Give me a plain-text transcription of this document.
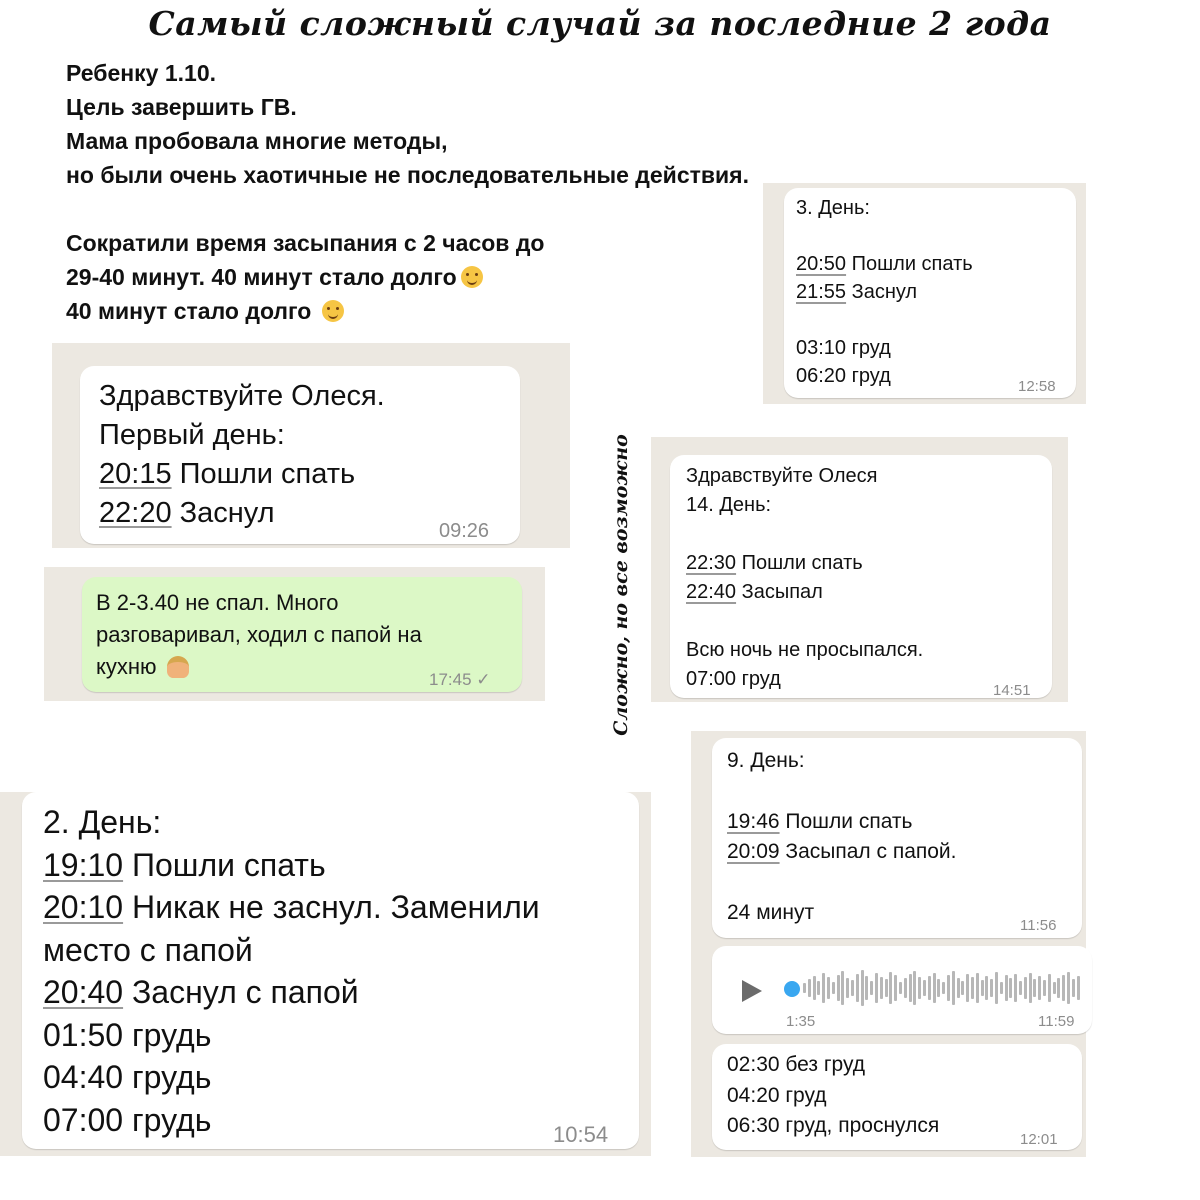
Самый сложный случай за последние 2 года
Ребенку 1.10.
Цель завершить ГВ.
Мама пробовала многие методы,
но были очень хаотичные не последовательные действия.
Сократили время засыпания с 2 часов до
29-40 минут. 40 минут стало долго
40 минут стало долго
Здравствуйте Олеся.
Первый день:
20:15 Пошли спать
22:20 Заснул
09:26
В 2-3.40 не спал. Много
разговаривал, ходил с папой на
кухню
17:45 ✓
2. День:
19:10 Пошли спать
20:10 Никак не заснул. Заменили
место с папой
20:40 Заснул с папой
01:50 грудь
04:40 грудь
07:00 грудь	10:54
3. День:
20:50 Пошли спать
21:55 Заснул
03:10 груд
06:20 груд	12:58
Сложно, но все возможно	Здравствуйте Олеся
14. День:
22:30 Пошли спать
22:40 Засыпал
Всю ночь не просыпался.
07:00 груд
14:51
9. День:
19:46 Пошли спать
20:09 Засыпал с папой.
24 минут
11:56
1:35	11:59
02:30 без груд
04:20 груд
06:30 груд, проснулся
12:01
